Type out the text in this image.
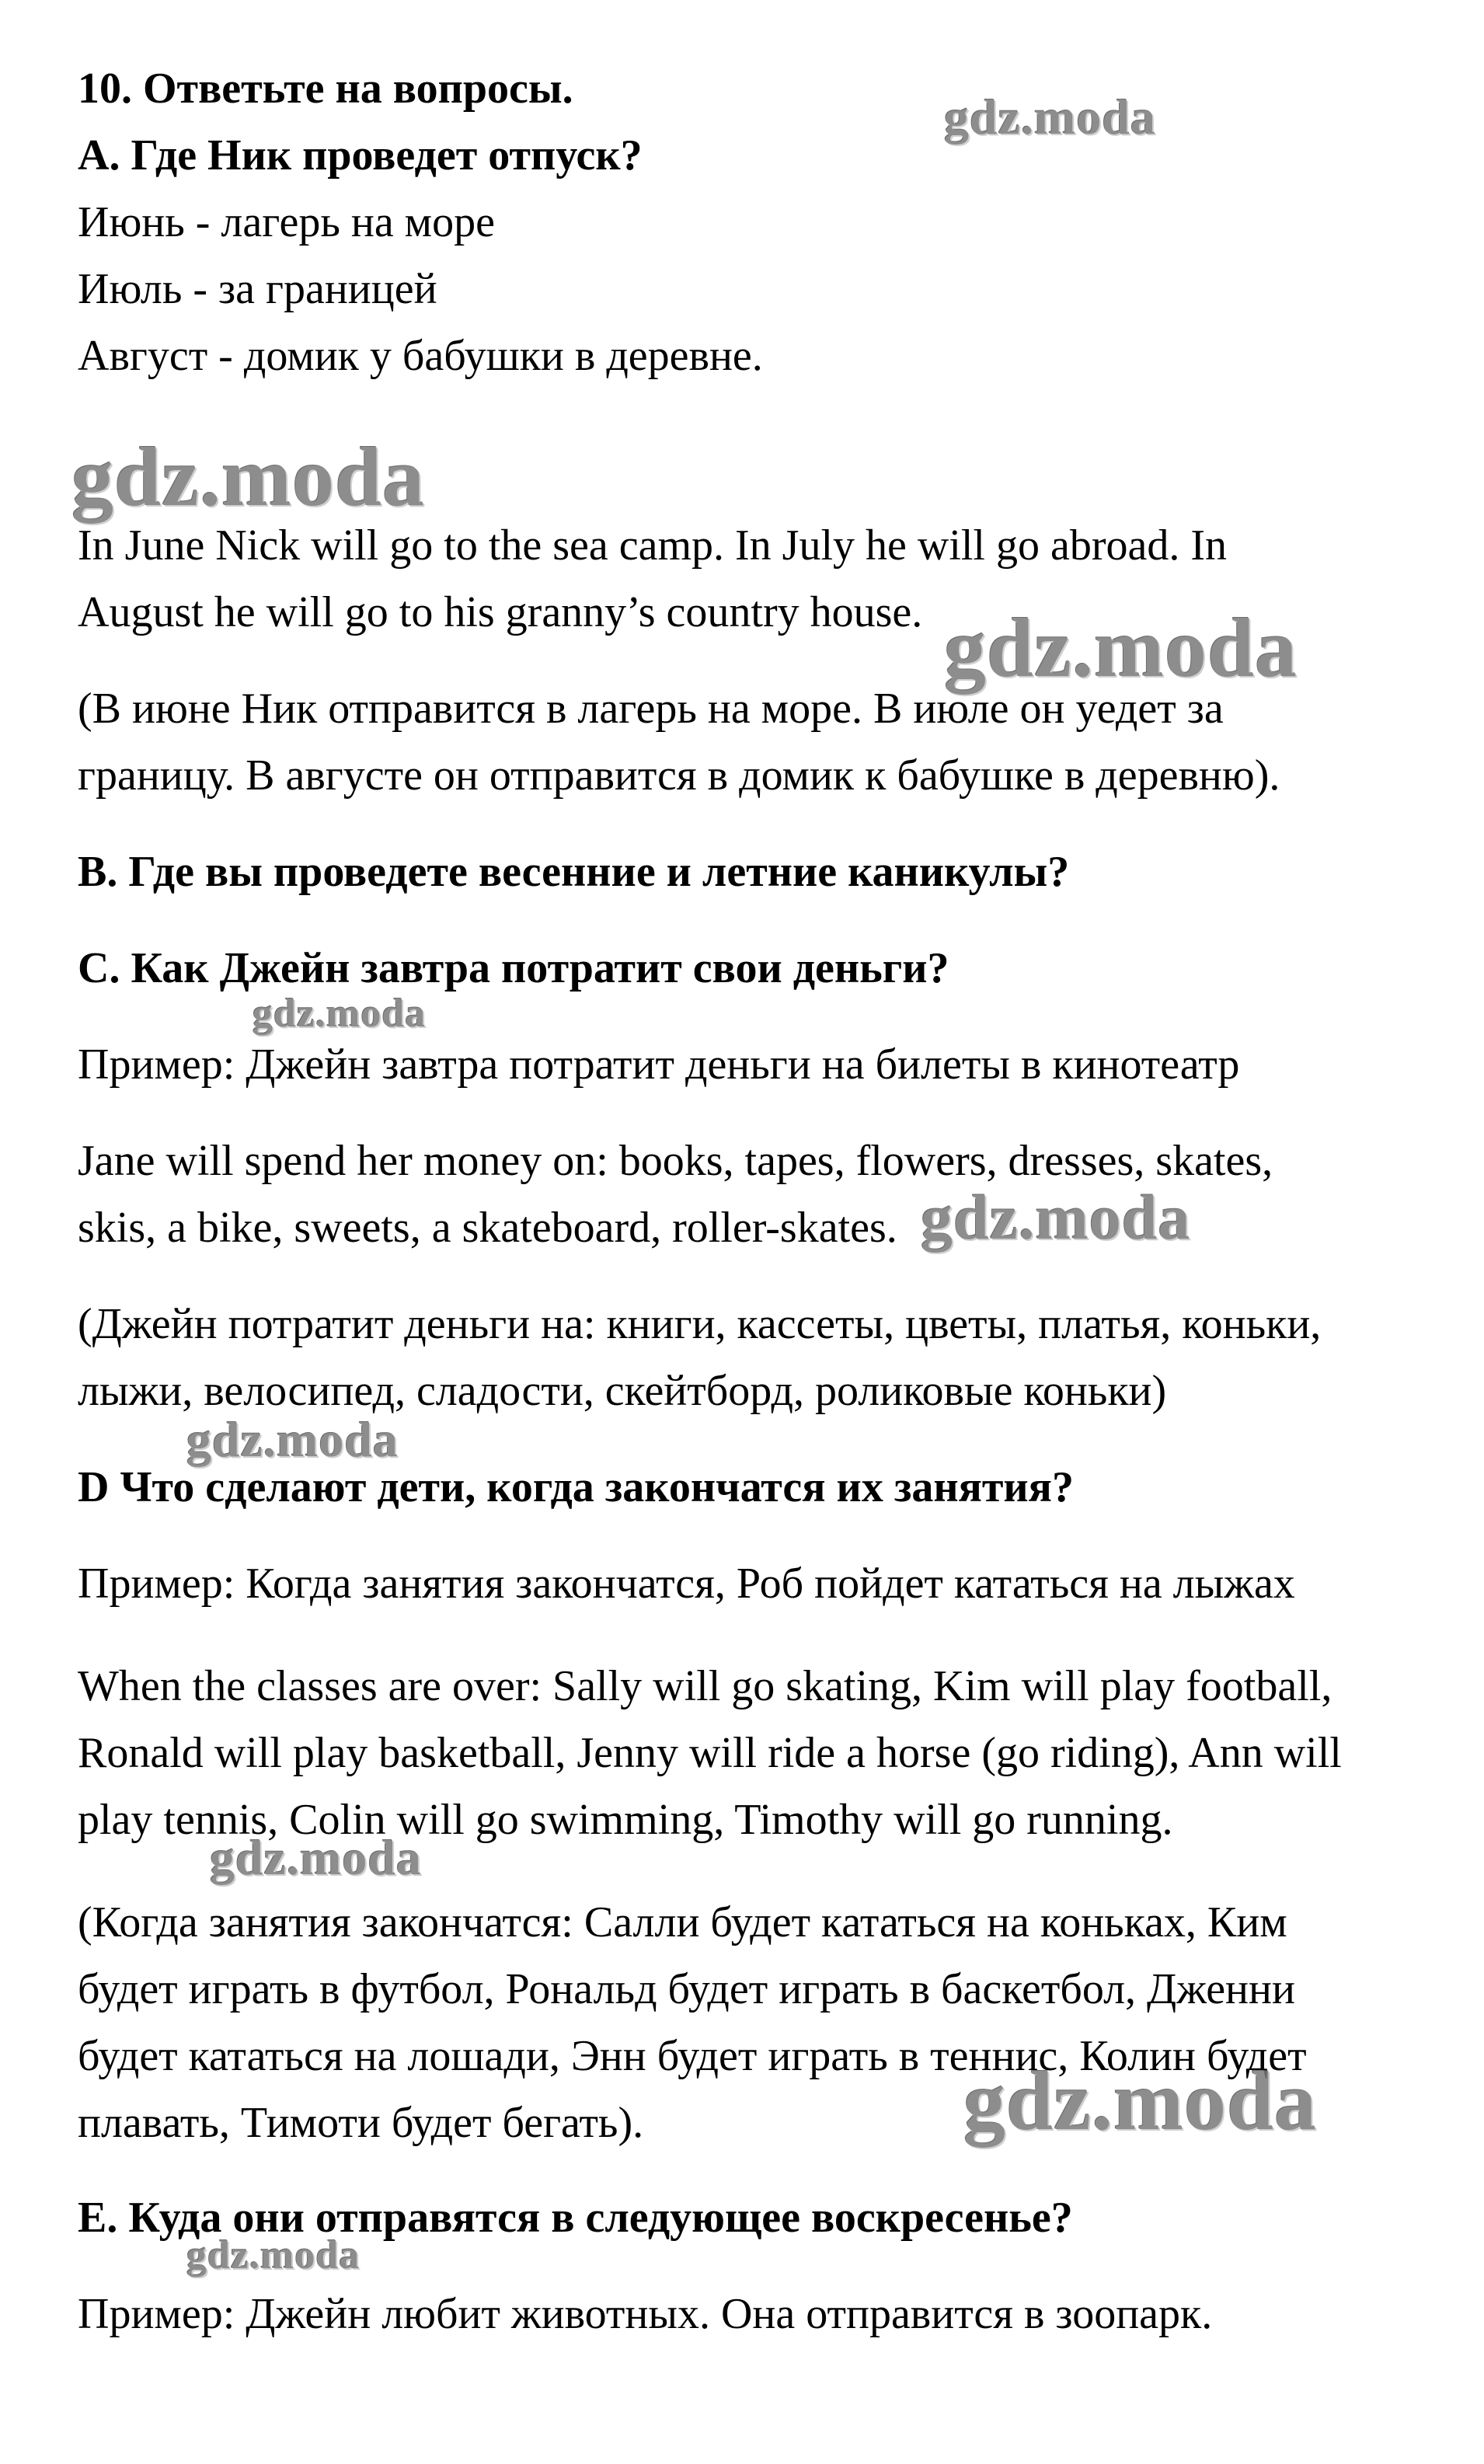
10. Ответьте на вопросы.
A. Где Ник проведет отпуск?
Июнь - лагерь на море
Июль - за границей
Август - домик у бабушки в деревне.
In June Nick will go to the sea camp. In July he will go abroad. In
August he will go to his granny’s country house.
(В июне Ник отправится в лагерь на море. В июле он уедет за
границу. В августе он отправится в домик к бабушке в деревню).
B. Где вы проведете весенние и летние каникулы?
C. Как Джейн завтра потратит свои деньги?
Пример: Джейн завтра потратит деньги на билеты в кинотеатр
Jane will spend her money on: books, tapes, flowers, dresses, skates,
skis, a bike, sweets, a skateboard, roller-skates.
(Джейн потратит деньги на: книги, кассеты, цветы, платья, коньки,
лыжи, велосипед, сладости, скейтборд, роликовые коньки)
D Что сделают дети, когда закончатся их занятия?
Пример: Когда занятия закончатся, Роб пойдет кататься на лыжах
When the classes are over: Sally will go skating, Kim will play football,
Ronald will play basketball, Jenny will ride a horse (go riding), Ann will
play tennis, Colin will go swimming, Timothy will go running.
(Когда занятия закончатся: Салли будет кататься на коньках, Ким
будет играть в футбол, Рональд будет играть в баскетбол, Дженни
будет кататься на лошади, Энн будет играть в теннис, Колин будет
плавать, Тимоти будет бегать).
E. Куда они отправятся в следующее воскресенье?
Пример: Джейн любит животных. Она отправится в зоопарк.
gdz.moda
gdz.moda
gdz.moda
gdz.moda
gdz.moda
gdz.moda
gdz.moda
gdz.moda
gdz.moda
